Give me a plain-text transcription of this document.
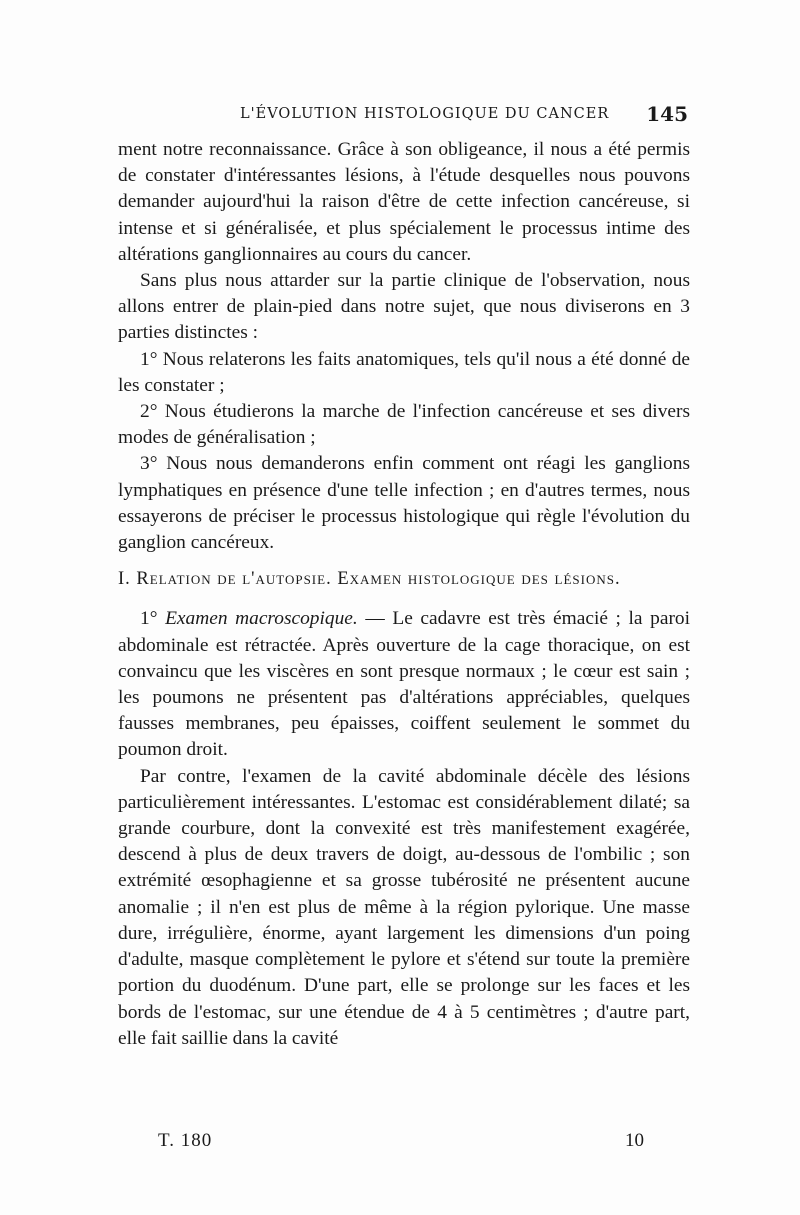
L'ÉVOLUTION HISTOLOGIQUE DU CANCER 145

ment notre reconnaissance. Grâce à son obligeance, il nous a été permis de constater d'intéressantes lésions, à l'étude desquelles nous pouvons demander aujourd'hui la raison d'être de cette infection cancéreuse, si intense et si généralisée, et plus spécialement le processus intime des altérations ganglionnaires au cours du cancer.

Sans plus nous attarder sur la partie clinique de l'observation, nous allons entrer de plain-pied dans notre sujet, que nous diviserons en 3 parties distinctes :

1° Nous relaterons les faits anatomiques, tels qu'il nous a été donné de les constater ;

2° Nous étudierons la marche de l'infection cancéreuse et ses divers modes de généralisation ;

3° Nous nous demanderons enfin comment ont réagi les ganglions lymphatiques en présence d'une telle infection ; en d'autres termes, nous essayerons de préciser le processus histologique qui règle l'évolution du ganglion cancéreux.

I. Relation de l'autopsie. Examen histologique des lésions.

1° Examen macroscopique. — Le cadavre est très émacié ; la paroi abdominale est rétractée. Après ouverture de la cage thoracique, on est convaincu que les viscères en sont presque normaux ; le cœur est sain ; les poumons ne présentent pas d'altérations appréciables, quelques fausses membranes, peu épaisses, coiffent seulement le sommet du poumon droit.

Par contre, l'examen de la cavité abdominale décèle des lésions particulièrement intéressantes. L'estomac est considérablement dilaté; sa grande courbure, dont la convexité est très manifestement exagérée, descend à plus de deux travers de doigt, au-dessous de l'ombilic ; son extrémité œsophagienne et sa grosse tubérosité ne présentent aucune anomalie ; il n'en est plus de même à la région pylorique. Une masse dure, irrégulière, énorme, ayant largement les dimensions d'un poing d'adulte, masque complètement le pylore et s'étend sur toute la première portion du duodénum. D'une part, elle se prolonge sur les faces et les bords de l'estomac, sur une étendue de 4 à 5 centimètres ; d'autre part, elle fait saillie dans la cavité

T. 180	10
